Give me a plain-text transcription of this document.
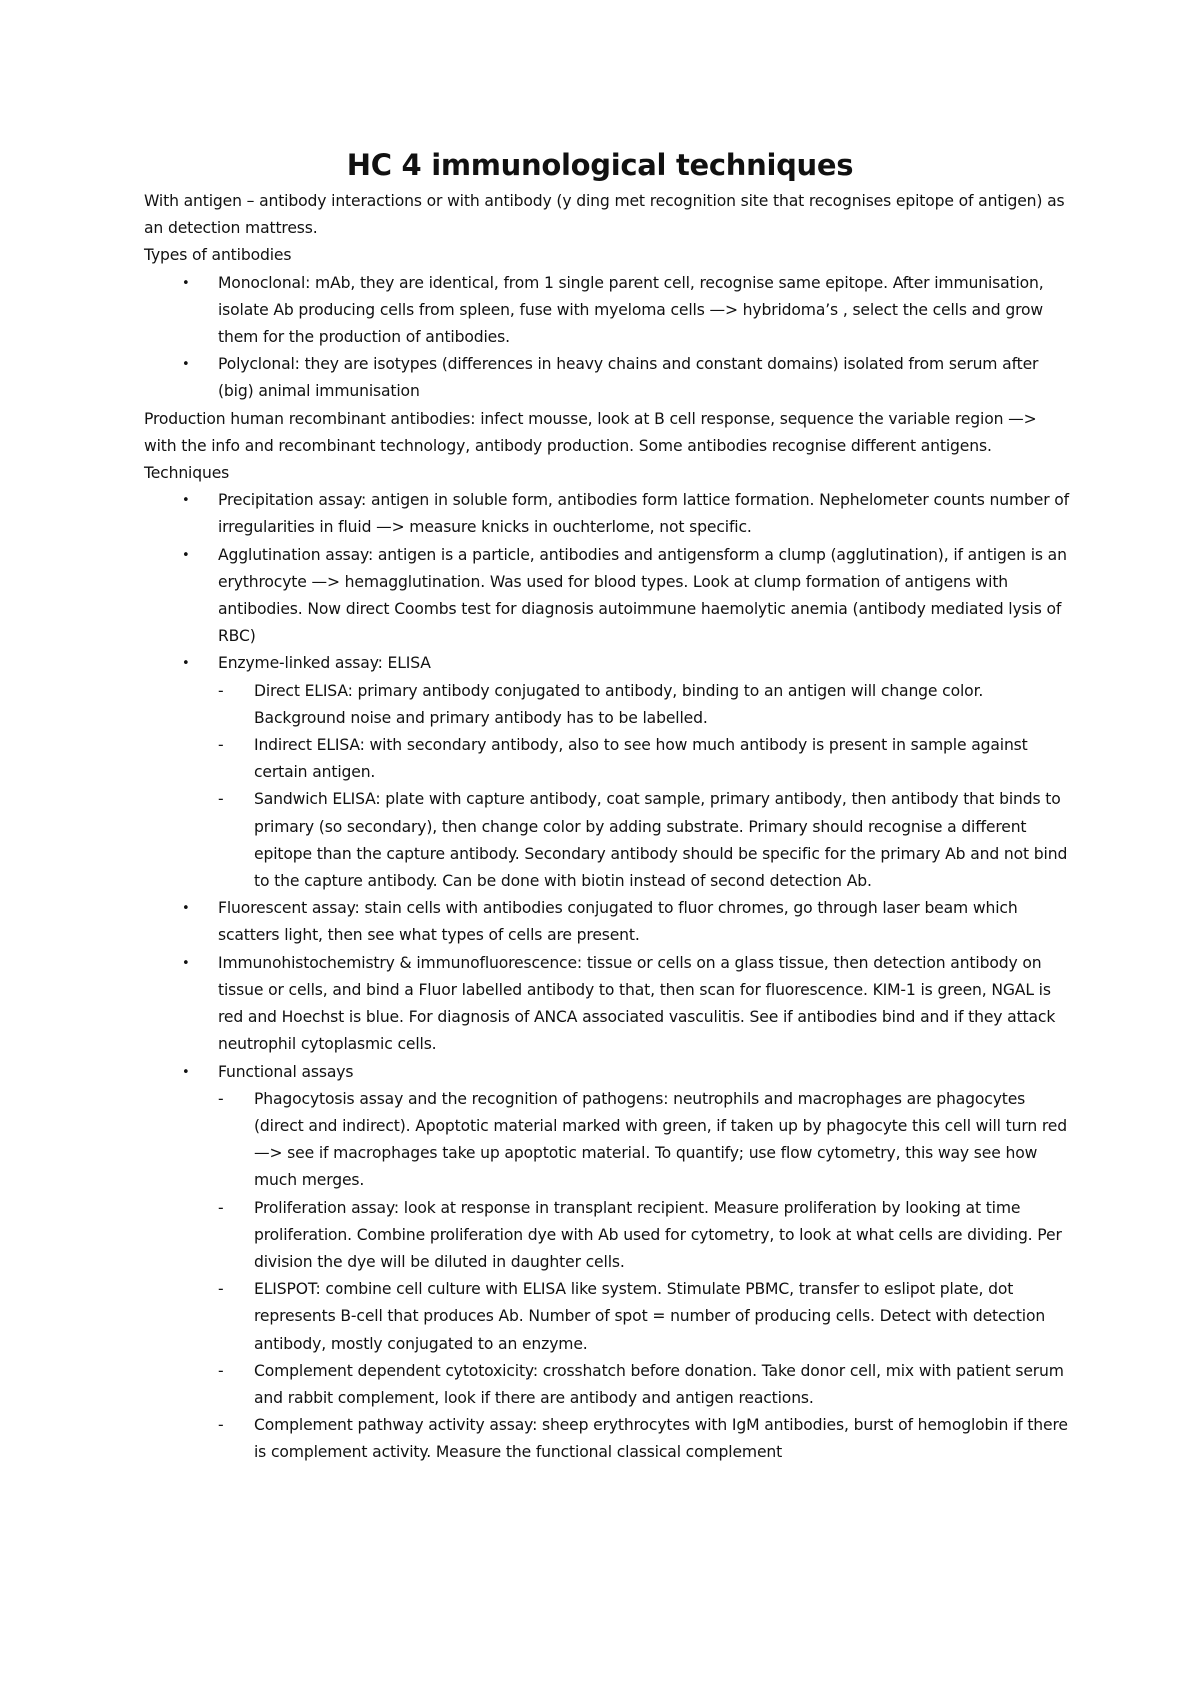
HC 4 immunological techniques
With antigen – antibody interactions or with antibody (y ding met recognition site that recognises epitope of antigen) as an detection mattress.
Types of antibodies
• Monoclonal: mAb, they are identical, from 1 single parent cell, recognise same epitope. After immunisation, isolate Ab producing cells from spleen, fuse with myeloma cells —> hybridoma’s , select the cells and grow them for the production of antibodies.
• Polyclonal: they are isotypes (differences in heavy chains and constant domains) isolated from serum after (big) animal immunisation
Production human recombinant antibodies: infect mousse, look at B cell response, sequence the variable region —> with the info and recombinant technology, antibody production. Some antibodies recognise different antigens.
Techniques
• Precipitation assay: antigen in soluble form, antibodies form lattice formation. Nephelometer counts number of irregularities in fluid —> measure knicks in ouchterlome, not specific.
• Agglutination assay: antigen is a particle, antibodies and antigensform a clump (agglutination), if antigen is an erythrocyte —> hemagglutination. Was used for blood types. Look at clump formation of antigens with antibodies. Now direct Coombs test for diagnosis autoimmune haemolytic anemia (antibody mediated lysis of RBC)
• Enzyme-linked assay: ELISA
- Direct ELISA: primary antibody conjugated to antibody, binding to an antigen will change color. Background noise and primary antibody has to be labelled.
- Indirect ELISA: with secondary antibody, also to see how much antibody is present in sample against certain antigen.
- Sandwich ELISA: plate with capture antibody, coat sample, primary antibody, then antibody that binds to primary (so secondary), then change color by adding substrate. Primary should recognise a different epitope than the capture antibody. Secondary antibody should be specific for the primary Ab and not bind to the capture antibody. Can be done with biotin instead of second detection Ab.
• Fluorescent assay: stain cells with antibodies conjugated to fluor chromes, go through laser beam which scatters light, then see what types of cells are present.
• Immunohistochemistry & immunofluorescence: tissue or cells on a glass tissue, then detection antibody on tissue or cells, and bind a Fluor labelled antibody to that, then scan for fluorescence. KIM-1 is green, NGAL is red and Hoechst is blue. For diagnosis of ANCA associated vasculitis. See if antibodies bind and if they attack neutrophil cytoplasmic cells.
• Functional assays
- Phagocytosis assay and the recognition of pathogens: neutrophils and macrophages are phagocytes (direct and indirect). Apoptotic material marked with green, if taken up by phagocyte this cell will turn red —> see if macrophages take up apoptotic material. To quantify; use flow cytometry, this way see how much merges.
- Proliferation assay: look at response in transplant recipient. Measure proliferation by looking at time proliferation. Combine proliferation dye with Ab used for cytometry, to look at what cells are dividing. Per division the dye will be diluted in daughter cells.
- ELISPOT: combine cell culture with ELISA like system. Stimulate PBMC, transfer to eslipot plate, dot represents B-cell that produces Ab. Number of spot = number of producing cells. Detect with detection antibody, mostly conjugated to an enzyme.
- Complement dependent cytotoxicity: crosshatch before donation. Take donor cell, mix with patient serum and rabbit complement, look if there are antibody and antigen reactions.
- Complement pathway activity assay: sheep erythrocytes with IgM antibodies, burst of hemoglobin if there is complement activity. Measure the functional classical complement
